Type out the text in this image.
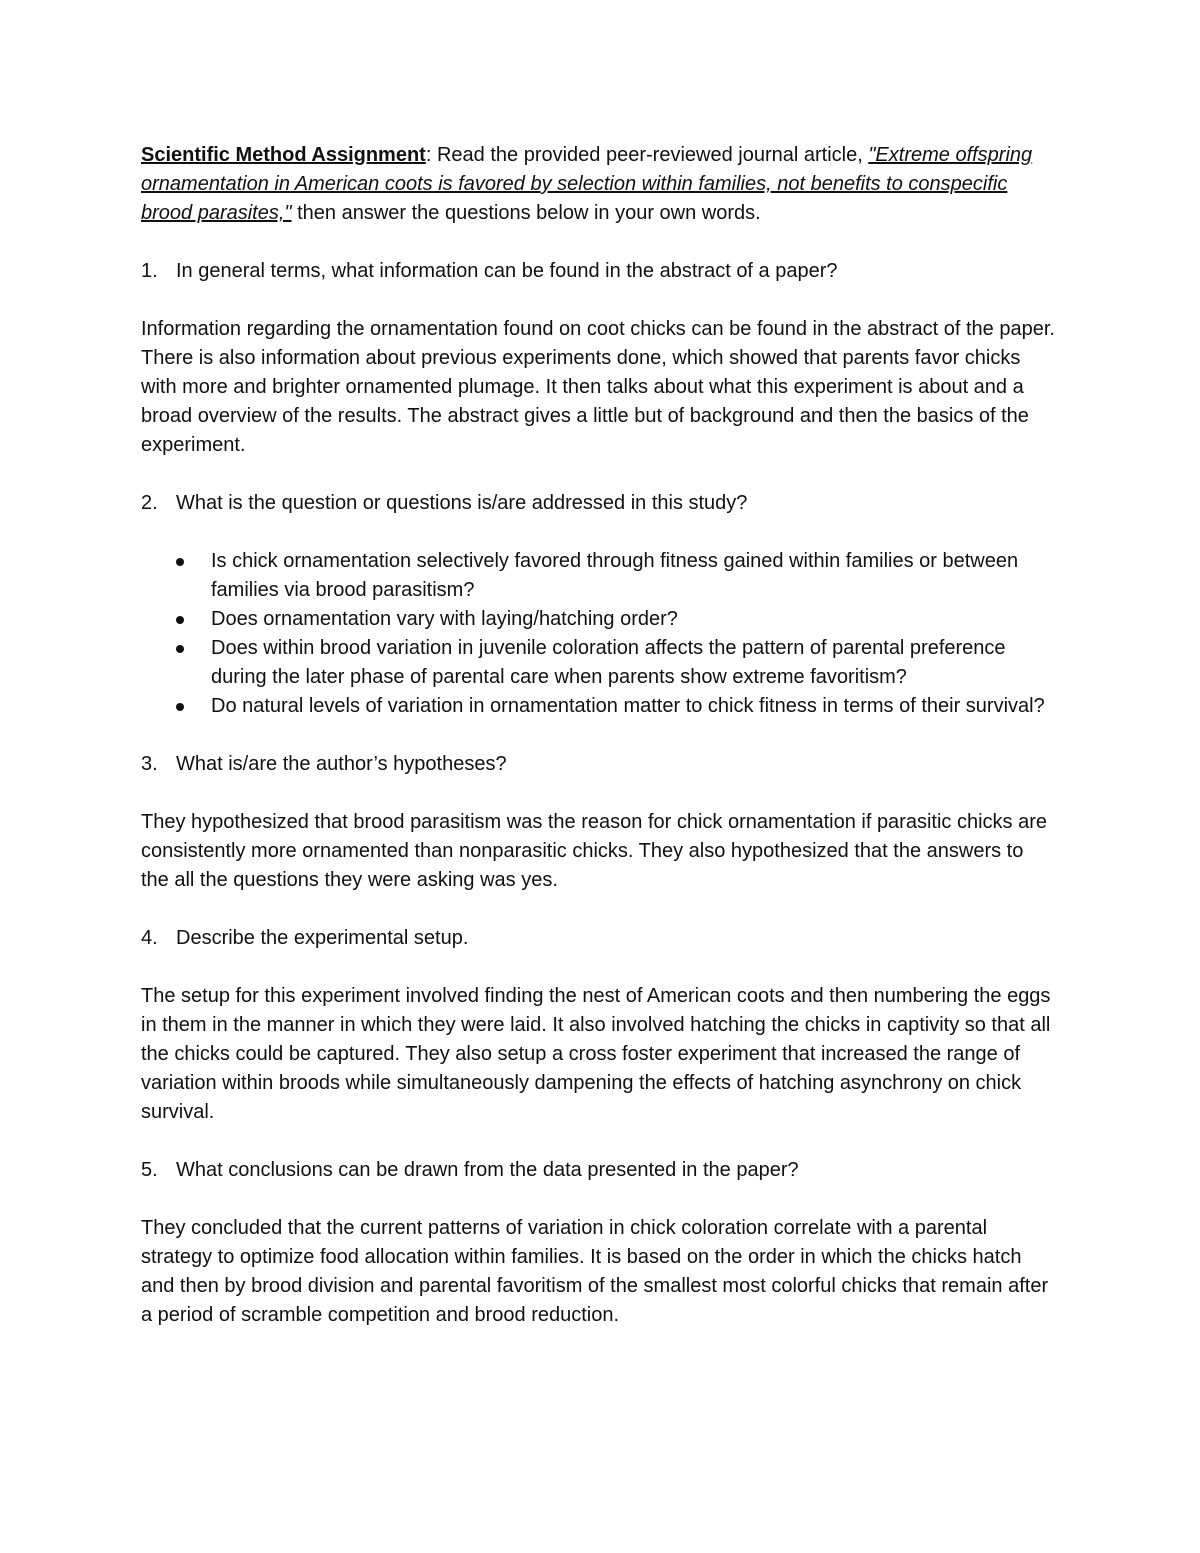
Scientific Method Assignment: Read the provided peer-reviewed journal article, "Extreme offspring ornamentation in American coots is favored by selection within families, not benefits to conspecific brood parasites," then answer the questions below in your own words.

1. In general terms, what information can be found in the abstract of a paper?

Information regarding the ornamentation found on coot chicks can be found in the abstract of the paper. There is also information about previous experiments done, which showed that parents favor chicks with more and brighter ornamented plumage. It then talks about what this experiment is about and a broad overview of the results. The abstract gives a little but of background and then the basics of the experiment.

2. What is the question or questions is/are addressed in this study?
Is chick ornamentation selectively favored through fitness gained within families or between families via brood parasitism?
Does ornamentation vary with laying/hatching order?
Does within brood variation in juvenile coloration affects the pattern of parental preference during the later phase of parental care when parents show extreme favoritism?
Do natural levels of variation in ornamentation matter to chick fitness in terms of their survival?
3. What is/are the author’s hypotheses?

They hypothesized that brood parasitism was the reason for chick ornamentation if parasitic chicks are consistently more ornamented than nonparasitic chicks. They also hypothesized that the answers to the all the questions they were asking was yes.

4. Describe the experimental setup.

The setup for this experiment involved finding the nest of American coots and then numbering the eggs in them in the manner in which they were laid. It also involved hatching the chicks in captivity so that all the chicks could be captured. They also setup a cross foster experiment that increased the range of variation within broods while simultaneously dampening the effects of hatching asynchrony on chick survival.

5. What conclusions can be drawn from the data presented in the paper?

They concluded that the current patterns of variation in chick coloration correlate with a parental strategy to optimize food allocation within families. It is based on the order in which the chicks hatch and then by brood division and parental favoritism of the smallest most colorful chicks that remain after a period of scramble competition and brood reduction.
